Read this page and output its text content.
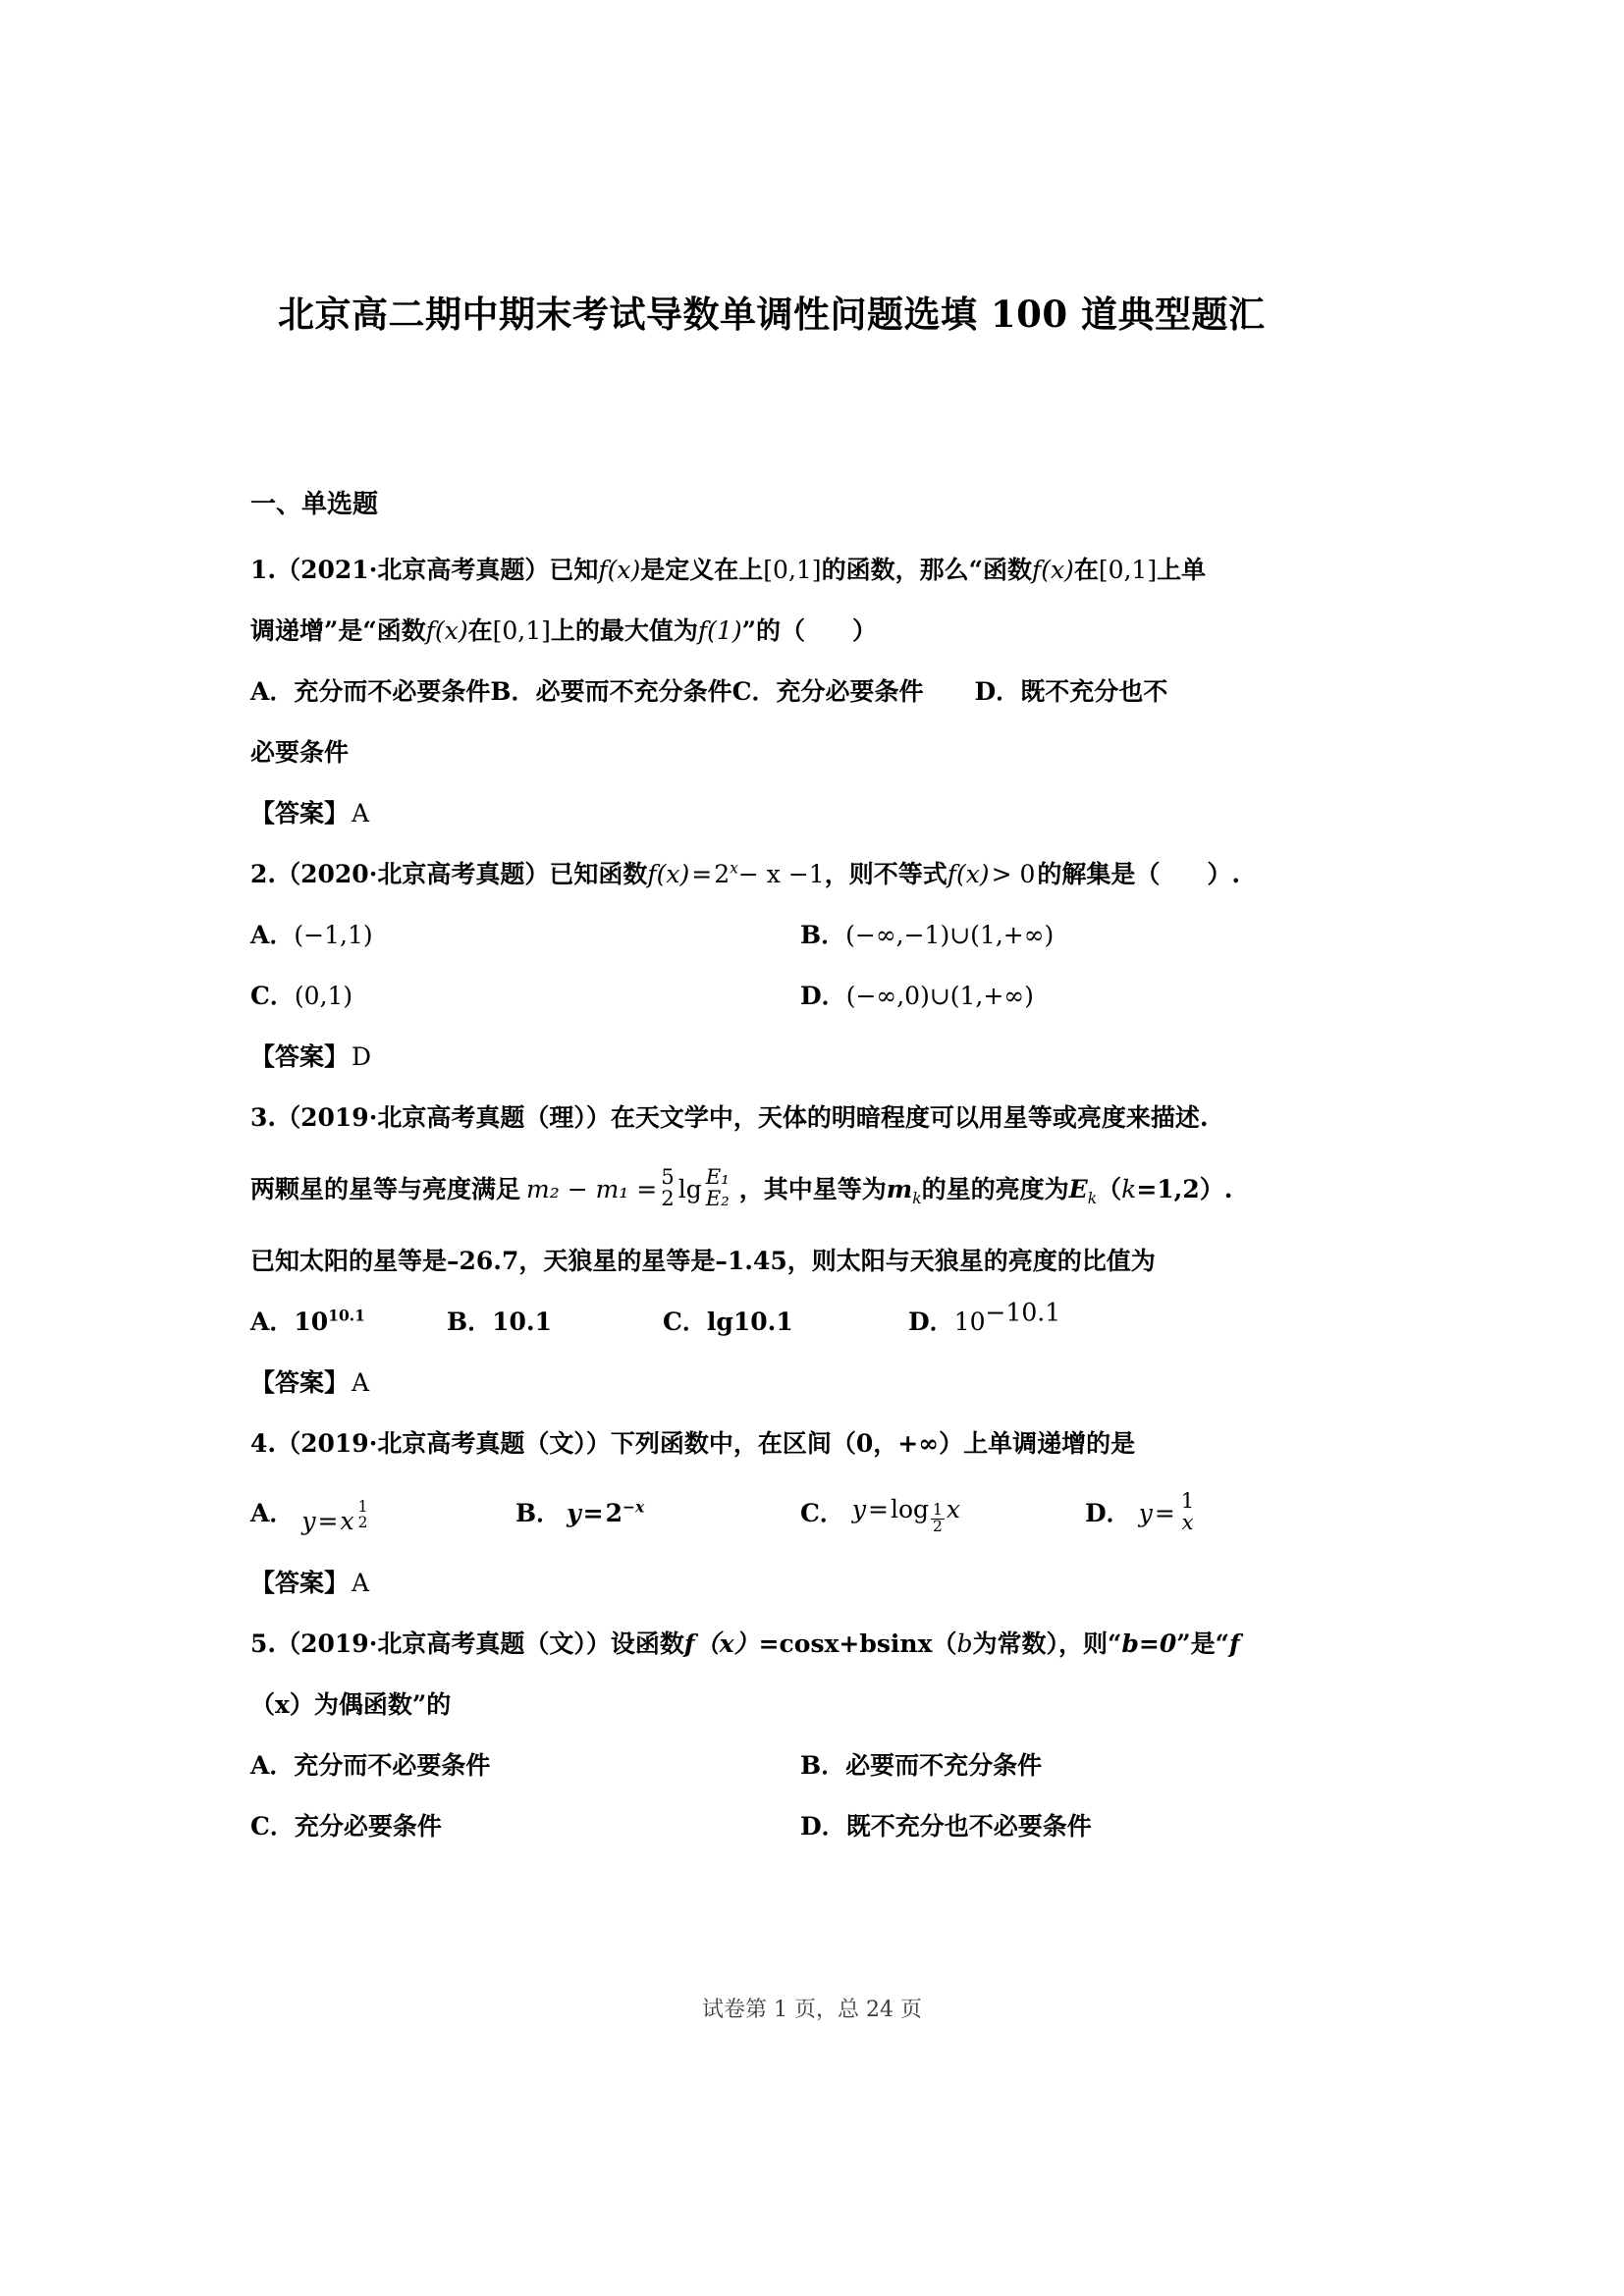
北京高二期中期末考试导数单调性问题选填 100 道典型题汇
一、单选题
1.（2021·北京高考真题）已知f(x)是定义在上[0,1]的函数，那么“函数f(x)在[0,1]上单
调递增”是“函数f(x)在[0,1]上的最大值为f(1)”的（ ）
A．充分而不必要条件 B．必要而不充分条件 C．充分必要条件 D．既不充分也不
必要条件
【答案】 A
2.（2020·北京高考真题）已知函数$f(x)=2^x- x -1$，则不等式f(x)> 0的解集是（ ）.
A．(−1,1)	B．(−∞,−1)∪(1,+∞)
C．(0,1)	D．(−∞,0)∪(1,+∞)
【答案】 D
3.（2019·北京高考真题（理））在天文学中，天体的明暗程度可以用星等或亮度来描述.
两颗星的星等与亮度满足 m₂ − m₁ = 5
2 lg E₁
E₂ ，其中星等为 $m_k$ 的星的亮度为 $E_k$ （ k =1,2）.
已知太阳的星等是–26.7，天狼星的星等是–1.45，则太阳与天狼星的亮度的比值为
A．$10^{10.1}$	B．10.1	C．lg10.1	D．$10^{-10.1}$
【答案】 A
4.（2019·北京高考真题（文））下列函数中，在区间（0，+∞）上单调递增的是
A． y=x
$^{1 2}$	B． $y=2^{-x}$	C． y=log $_{\frac{1}{2}}$ x	D． y = 1
x
【答案】 A
5.（2019·北京高考真题（文））设函数f（x）=cosx+bsinx（b为常数），则“b=0”是“f
（x）为偶函数”的
A．充分而不必要条件	B．必要而不充分条件
C．充分必要条件	D．既不充分也不必要条件
试卷第 1 页，总 24 页
